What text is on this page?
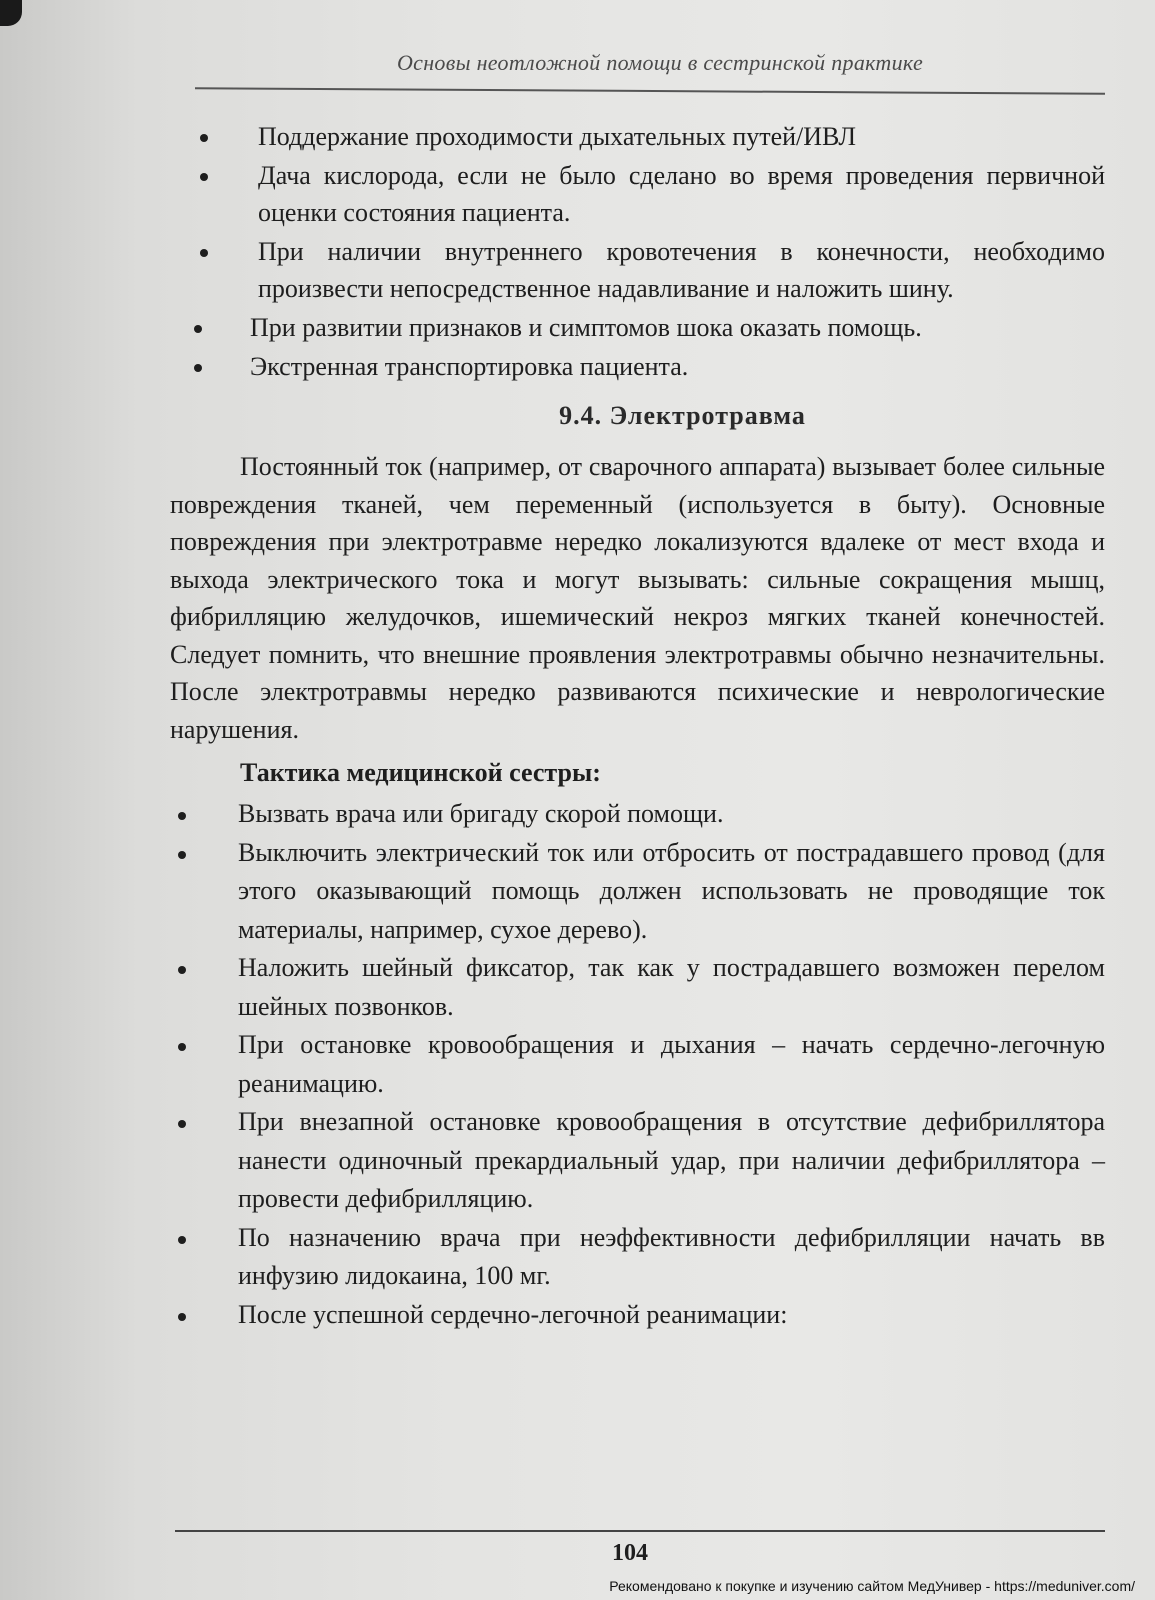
Основы неотложной помощи в сестринской практике
Поддержание проходимости дыхательных путей/ИВЛ
Дача кислорода, если не было сделано во время проведения первичной оценки состояния пациента.
При наличии внутреннего кровотечения в конечности, необходимо произвести непосредственное надавливание и наложить шину.
При развитии признаков и симптомов шока оказать помощь.
Экстренная транспортировка пациента.
9.4. Электротравма

Постоянный ток (например, от сварочного аппарата) вызывает более сильные повреждения тканей, чем переменный (используется в быту). Основные повреждения при электротравме нередко локализуются вдалеке от мест входа и выхода электрического тока и могут вызывать: сильные сокращения мышц, фибрилляцию желудочков, ишемический некроз мягких тканей конечностей. Следует помнить, что внешние проявления электротравмы обычно незначительны. После электротравмы нередко развиваются психические и неврологические нарушения.

Тактика медицинской сестры:
Вызвать врача или бригаду скорой помощи.
Выключить электрический ток или отбросить от пострадавшего провод (для этого оказывающий помощь должен использовать не проводящие ток материалы, например, сухое дерево).
Наложить шейный фиксатор, так как у пострадавшего возможен перелом шейных позвонков.
При остановке кровообращения и дыхания – начать сердечно-легочную реанимацию.
При внезапной остановке кровообращения в отсутствие дефибриллятора нанести одиночный прекардиальный удар, при наличии дефибриллятора – провести дефибрилляцию.
По назначению врача при неэффективности дефибрилляции начать вв инфузию лидокаина, 100 мг.
После успешной сердечно-легочной реанимации:
104
Рекомендовано к покупке и изучению сайтом МедУнивер - https://meduniver.com/
